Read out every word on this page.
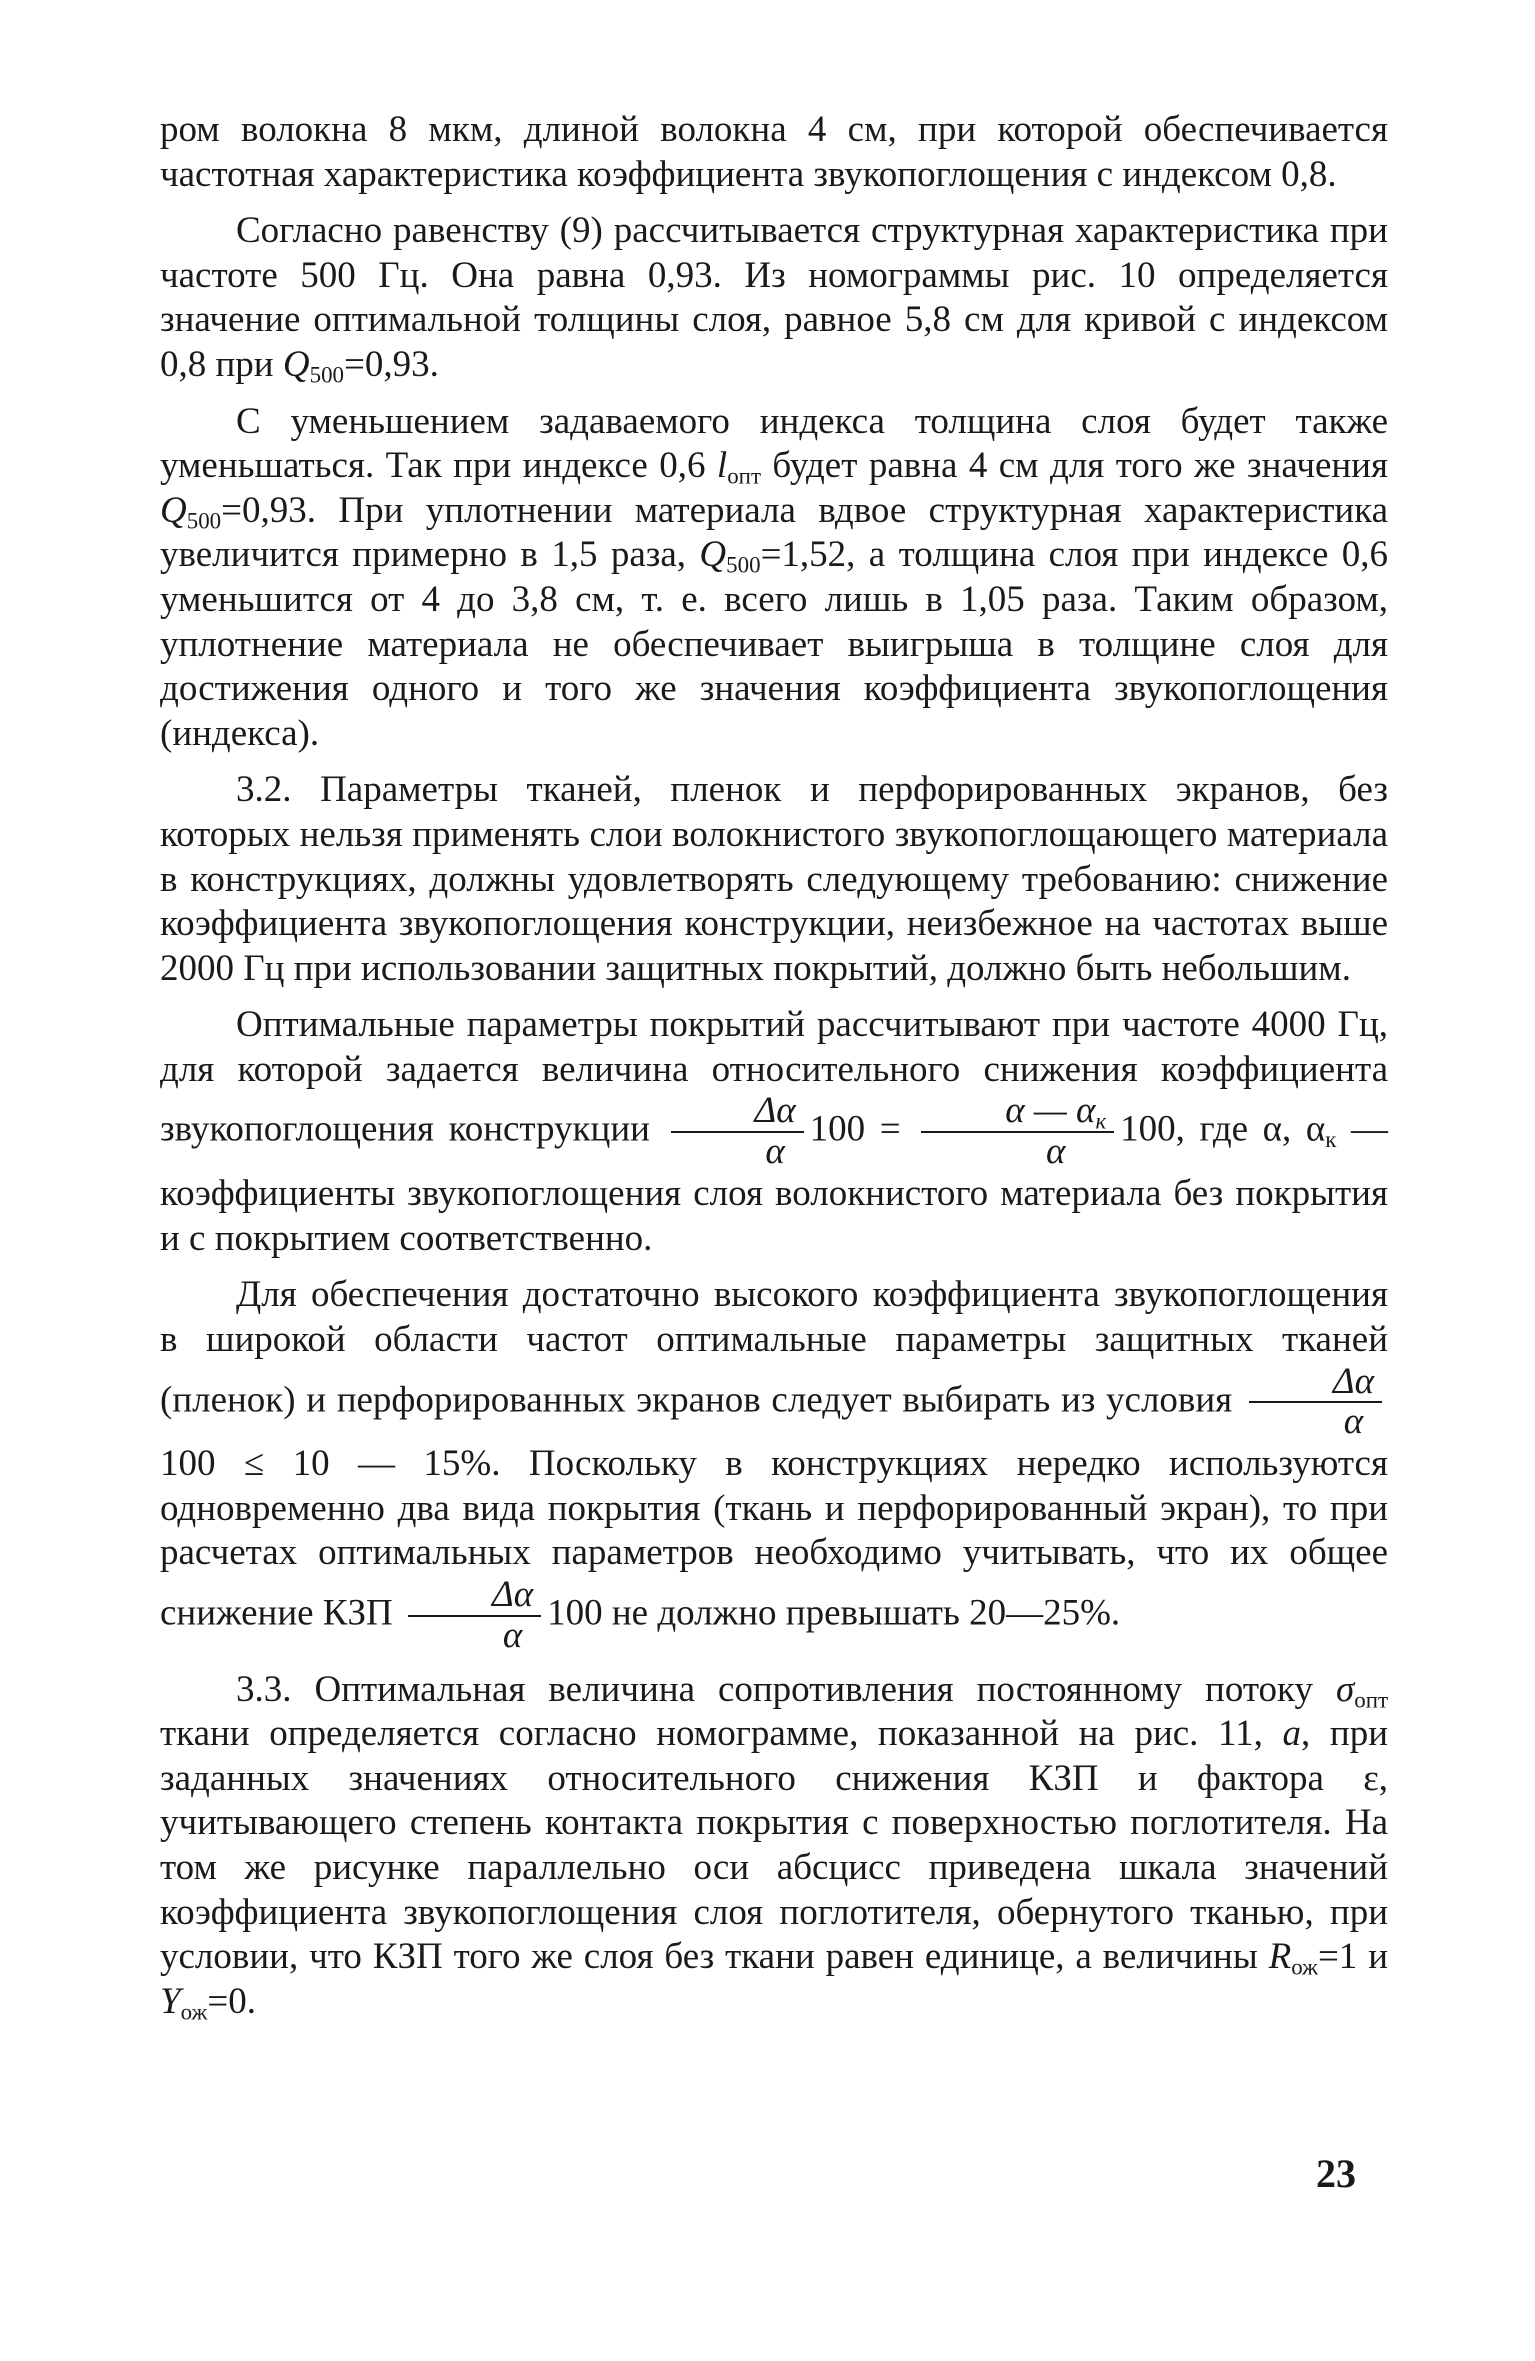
ром волокна 8 мкм, длиной волокна 4 см, при которой обеспечивается частотная характеристика коэффициента звукопоглощения с индексом 0,8.

Согласно равенству (9) рассчитывается структурная характеристика при частоте 500 Гц. Она равна 0,93. Из номограммы рис. 10 определяется значение оптимальной толщины слоя, равное 5,8 см для кривой с индексом 0,8 при $Q_{500}=0,93$.

С уменьшением задаваемого индекса толщина слоя будет также уменьшаться. Так при индексе 0,6 $l_{опт}$ будет равна 4 см для того же значения $Q_{500}=0,93$. При уплотнении материала вдвое структурная характеристика увеличится примерно в 1,5 раза, $Q_{500}=1,52$, а толщина слоя при индексе 0,6 уменьшится от 4 до 3,8 см, т. е. всего лишь в 1,05 раза. Таким образом, уплотнение материала не обеспечивает выигрыша в толщине слоя для достижения одного и того же значения коэффициента звукопоглощения (индекса).

3.2. Параметры тканей, пленок и перфорированных экранов, без которых нельзя применять слои волокнистого звукопоглощающего материала в конструкциях, должны удовлетворять следующему требованию: снижение коэффициента звукопоглощения конструкции, неизбежное на частотах выше 2000 Гц при использовании защитных покрытий, должно быть небольшим.

Оптимальные параметры покрытий рассчитывают при частоте 4000 Гц, для которой задается величина относительного снижения коэффициента звукопоглощения конструкции $\frac{\Delta\alpha}{\alpha} 100 = \frac{\alpha — \alpha_к}{\alpha} 100$, где α, $\alpha_к$ — коэффициенты звукопоглощения слоя волокнистого материала без покрытия и с покрытием соответственно.

Для обеспечения достаточно высокого коэффициента звукопоглощения в широкой области частот оптимальные параметры защитных тканей (пленок) и перфорированных экранов следует выбирать из условия $\frac{\Delta\alpha}{\alpha}$
100 ≤ 10 — 15%. Поскольку в конструкциях нередко используются одновременно два вида покрытия (ткань и перфорированный экран), то при расчетах оптимальных параметров необходимо учитывать, что их общее снижение КЗП $\frac{\Delta\alpha}{\alpha} 100$ не должно превышать 20—25%.

3.3. Оптимальная величина сопротивления постоянному потоку $\sigma_{опт}$ ткани определяется согласно номограмме, показанной на рис. 11, а, при заданных значениях относительного снижения КЗП и фактора ε, учитывающего степень контакта покрытия с поверхностью поглотителя. На том же рисунке параллельно оси абсцисс приведена шкала значений коэффициента звукопоглощения слоя поглотителя, обернутого тканью, при условии, что КЗП того же слоя без ткани равен единице, а величины $R_{ож}=1$ и $Y_{ож}=0$.

23
